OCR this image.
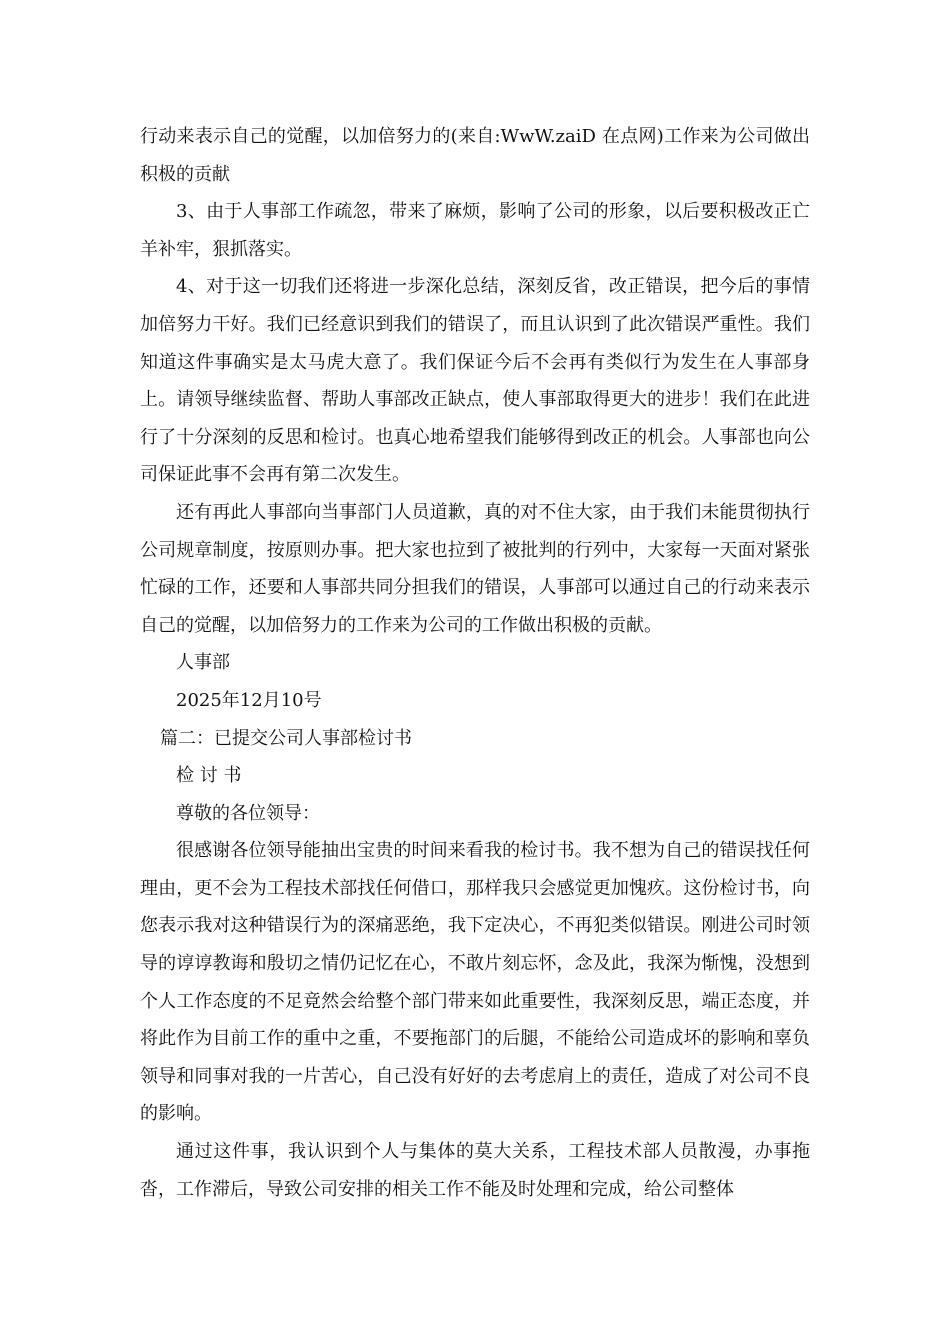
行动来表示自己的觉醒，以加倍努力的(来自:WwW.zaiD 在点网)工作来为公司做出积极的贡献

3、由于人事部工作疏忽，带来了麻烦，影响了公司的形象，以后要积极改正亡羊补牢，狠抓落实。

4、对于这一切我们还将进一步深化总结，深刻反省，改正错误，把今后的事情加倍努力干好。我们已经意识到我们的错误了，而且认识到了此次错误严重性。我们知道这件事确实是太马虎大意了。我们保证今后不会再有类似行为发生在人事部身上。请领导继续监督、帮助人事部改正缺点，使人事部取得更大的进步！我们在此进行了十分深刻的反思和检讨。也真心地希望我们能够得到改正的机会。人事部也向公司保证此事不会再有第二次发生。

还有再此人事部向当事部门人员道歉，真的对不住大家，由于我们未能贯彻执行公司规章制度，按原则办事。把大家也拉到了被批判的行列中，大家每一天面对紧张忙碌的工作，还要和人事部共同分担我们的错误，人事部可以通过自己的行动来表示自己的觉醒，以加倍努力的工作来为公司的工作做出积极的贡献。

人事部

2025年12月10号

篇二：已提交公司人事部检讨书

检 讨 书

尊敬的各位领导：

很感谢各位领导能抽出宝贵的时间来看我的检讨书。我不想为自己的错误找任何理由，更不会为工程技术部找任何借口，那样我只会感觉更加愧疚。这份检讨书，向您表示我对这种错误行为的深痛恶绝，我下定决心，不再犯类似错误。刚进公司时领导的谆谆教诲和殷切之情仍记忆在心，不敢片刻忘怀，念及此，我深为惭愧，没想到个人工作态度的不足竟然会给整个部门带来如此重要性，我深刻反思，端正态度，并将此作为目前工作的重中之重，不要拖部门的后腿，不能给公司造成坏的影响和辜负领导和同事对我的一片苦心，自己没有好好的去考虑肩上的责任，造成了对公司不良的影响。

通过这件事，我认识到个人与集体的莫大关系，工程技术部人员散漫，办事拖沓，工作滞后，导致公司安排的相关工作不能及时处理和完成，给公司整体
